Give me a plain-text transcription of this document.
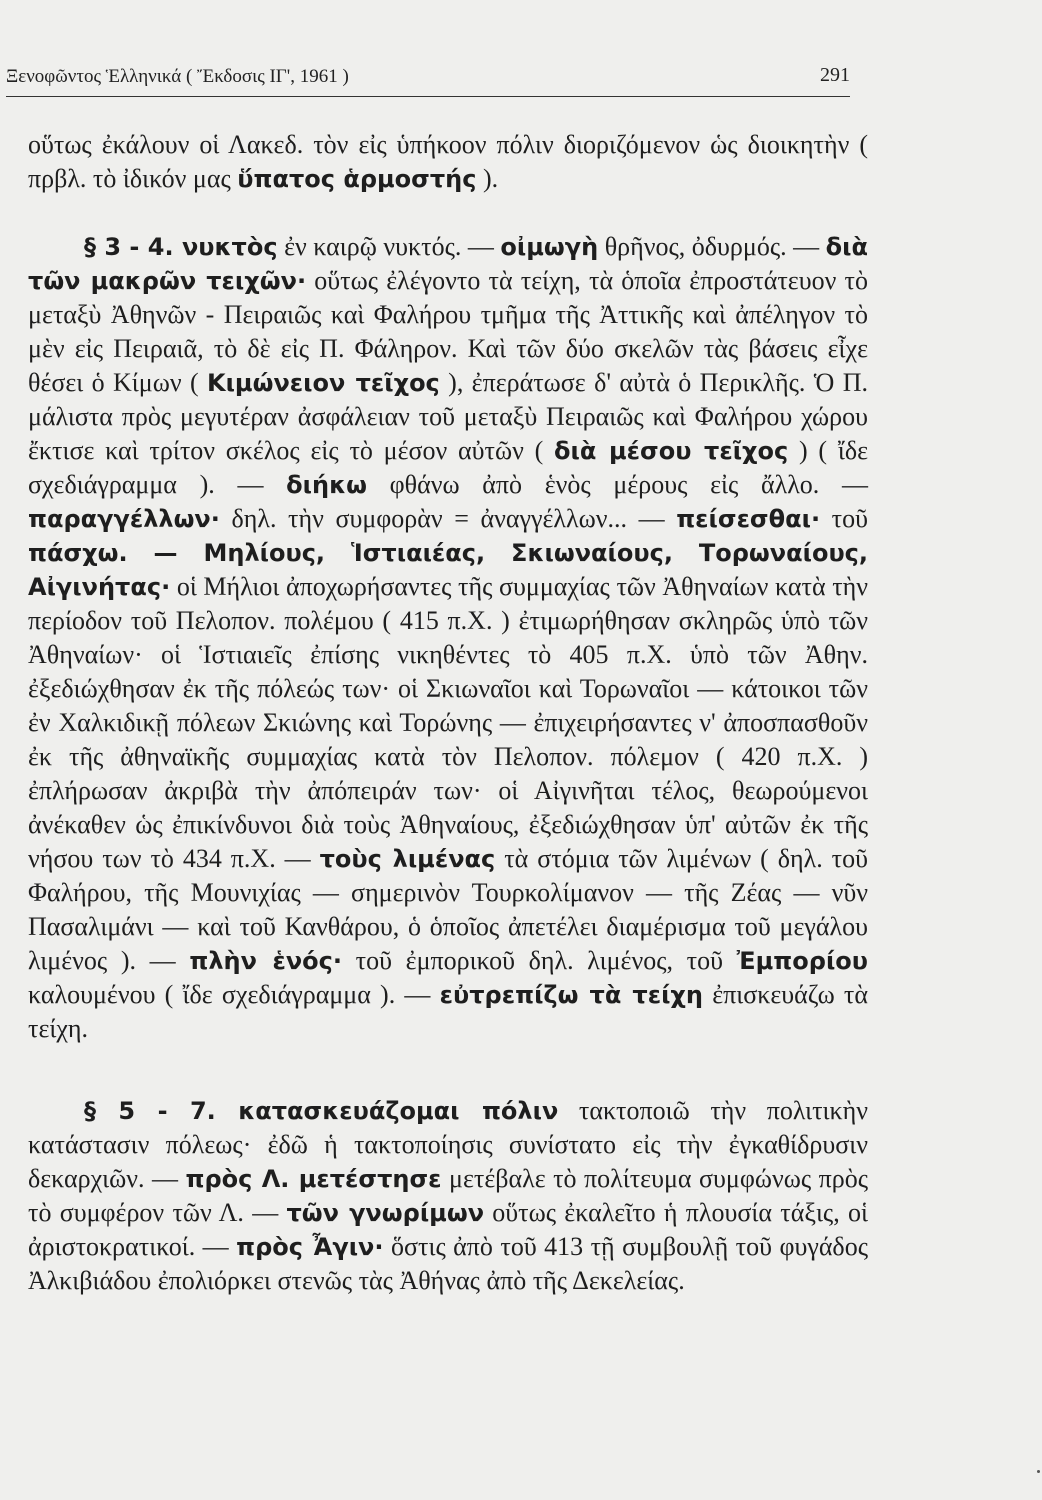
Ξενοφῶντος Ἑλληνικά ( Ἔκδοσις ΙΓ', 1961 )	291

οὕτως ἐκάλουν οἱ Λακεδ. τὸν εἰς ὑπήκοον πόλιν διοριζόμενον ὡς διοικητὴν ( πρβλ. τὸ ἰδικόν μας ὕπατος ἁρμοστής ).

§ 3 - 4. νυκτὸς ἐν καιρῷ νυκτός. — οἰμωγὴ θρῆνος, ὀδυρμός. — διὰ τῶν μακρῶν τειχῶν· οὕτως ἐλέγοντο τὰ τείχη, τὰ ὁποῖα ἐπροστάτευον τὸ μεταξὺ Ἀθηνῶν - Πειραιῶς καὶ Φαλήρου τμῆμα τῆς Ἀττικῆς καὶ ἀπέληγον τὸ μὲν εἰς Πειραιᾶ, τὸ δὲ εἰς Π. Φάληρον. Καὶ τῶν δύο σκελῶν τὰς βάσεις εἶχε θέσει ὁ Κίμων ( Κιμώνειον τεῖχος ), ἐπεράτωσε δ' αὐτὰ ὁ Περικλῆς. Ὁ Π. μάλιστα πρὸς μεγυτέραν ἀσφάλειαν τοῦ μεταξὺ Πειραιῶς καὶ Φαλήρου χώρου ἔκτισε καὶ τρίτον σκέλος εἰς τὸ μέσον αὐτῶν ( διὰ μέσου τεῖχος ) ( ἴδε σχεδιάγραμμα ). — διήκω φθάνω ἀπὸ ἑνὸς μέρους εἰς ἄλλο. — παραγγέλλων· δηλ. τὴν συμφορὰν = ἀναγγέλλων... — πείσεσθαι· τοῦ πάσχω. — Μηλίους, Ἱστιαιέας, Σκιωναίους, Τορωναίους, Αἰγινήτας· οἱ Μήλιοι ἀποχωρήσαντες τῆς συμμαχίας τῶν Ἀθηναίων κατὰ τὴν περίοδον τοῦ Πελοπον. πολέμου ( 415 π.Χ. ) ἐτιμωρήθησαν σκληρῶς ὑπὸ τῶν Ἀθηναίων· οἱ Ἱστιαιεῖς ἐπίσης νικηθέντες τὸ 405 π.Χ. ὑπὸ τῶν Ἀθην. ἐξεδιώχθησαν ἐκ τῆς πόλεώς των· οἱ Σκιωναῖοι καὶ Τορωναῖοι — κάτοικοι τῶν ἐν Χαλκιδικῇ πόλεων Σκιώνης καὶ Τορώνης — ἐπιχειρήσαντες ν' ἀποσπασθοῦν ἐκ τῆς ἀθηναϊκῆς συμμαχίας κατὰ τὸν Πελοπον. πόλεμον ( 420 π.Χ. ) ἐπλήρωσαν ἀκριβὰ τὴν ἀπόπειράν των· οἱ Αἰγινῆται τέλος, θεωρούμενοι ἀνέκαθεν ὡς ἐπικίνδυνοι διὰ τοὺς Ἀθηναίους, ἐξεδιώχθησαν ὑπ' αὐτῶν ἐκ τῆς νήσου των τὸ 434 π.Χ. — τοὺς λιμένας τὰ στόμια τῶν λιμένων ( δηλ. τοῦ Φαλήρου, τῆς Μουνιχίας — σημερινὸν Τουρκολίμανον — τῆς Ζέας — νῦν Πασαλιμάνι — καὶ τοῦ Κανθάρου, ὁ ὁποῖος ἀπετέλει διαμέρισμα τοῦ μεγάλου λιμένος ). — πλὴν ἑνός· τοῦ ἐμπορικοῦ δηλ. λιμένος, τοῦ Ἐμπορίου καλουμένου ( ἴδε σχεδιάγραμμα ). — εὐτρεπίζω τὰ τείχη ἐπισκευάζω τὰ τείχη.

§ 5 - 7. κατασκευάζομαι πόλιν τακτοποιῶ τὴν πολιτικὴν κατάστασιν πόλεως· ἐδῶ ἡ τακτοποίησις συνίστατο εἰς τὴν ἐγκαθίδρυσιν δεκαρχιῶν. — πρὸς Λ. μετέστησε μετέβαλε τὸ πολίτευμα συμφώνως πρὸς τὸ συμφέρον τῶν Λ. — τῶν γνωρίμων οὕτως ἐκαλεῖτο ἡ πλουσία τάξις, οἱ ἀριστοκρατικοί. — πρὸς Ἆγιν· ὅστις ἀπὸ τοῦ 413 τῇ συμβουλῇ τοῦ φυγάδος Ἀλκιβιάδου ἐπολιόρκει στενῶς τὰς Ἀθήνας ἀπὸ τῆς Δεκελείας.
